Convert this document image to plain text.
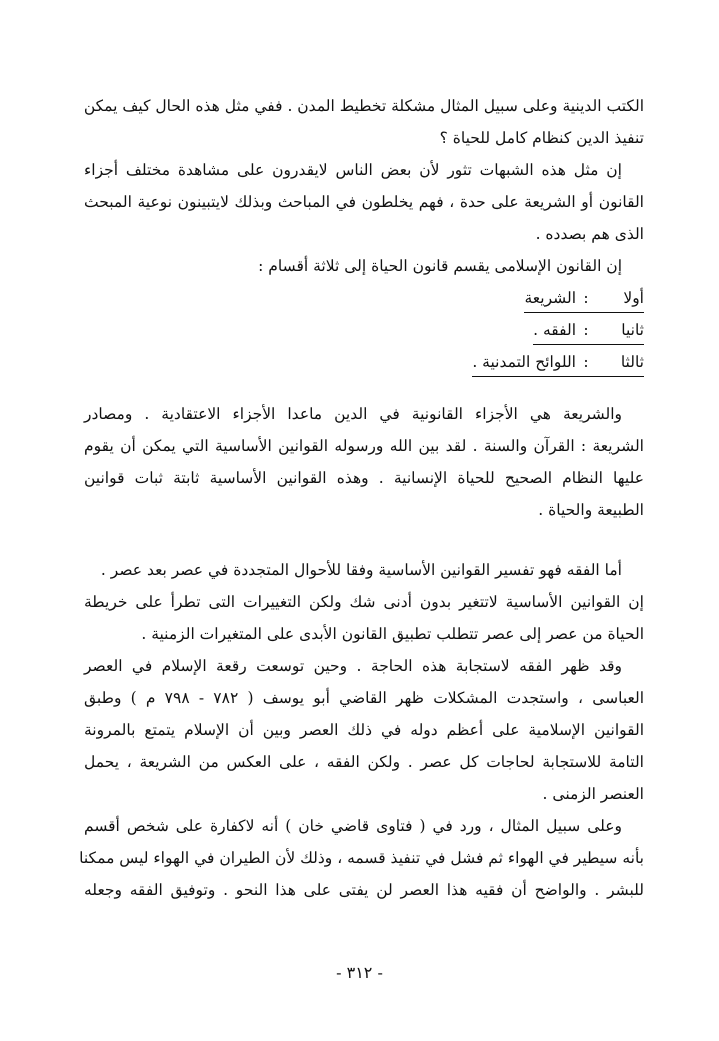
الكتب الدينية وعلى سبيل المثال مشكلة تخطيط المدن . ففي مثل هذه الحال كيف يمكن
تنفيذ الدين كنظام كامل للحياة ؟
إن مثل هذه الشبهات تثور لأن بعض الناس لايقدرون على مشاهدة مختلف أجزاء
القانون أو الشريعة على حدة ، فهم يخلطون في المباحث وبذلك لايتبينون نوعية المبحث
الذى هم بصدده .
إن القانون الإسلامى يقسم قانون الحياة إلى ثلاثة أقسام :
أولا:الشريعة
ثانيا:الفقه .
ثالثا:اللوائح التمدنية .
والشريعة هي الأجزاء القانونية في الدين ماعدا الأجزاء الاعتقادية . ومصادر
الشريعة : القرآن والسنة . لقد بين الله ورسوله القوانين الأساسية التي يمكن أن يقوم
عليها النظام الصحيح للحياة الإنسانية . وهذه القوانين الأساسية ثابتة ثبات قوانين
الطبيعة والحياة .
أما الفقه فهو تفسير القوانين الأساسية وفقا للأحوال المتجددة في عصر بعد عصر .
إن القوانين الأساسية لاتتغير بدون أدنى شك ولكن التغييرات التى تطرأ على خريطة
الحياة من عصر إلى عصر تتطلب تطبيق القانون الأبدى على المتغيرات الزمنية .
وقد ظهر الفقه لاستجابة هذه الحاجة . وحين توسعت رقعة الإسلام في العصر
العباسى ، واستجدت المشكلات ظهر القاضي أبو يوسف ( ٧٨٢ - ٧٩٨ م ) وطبق
القوانين الإسلامية على أعظم دوله في ذلك العصر وبين أن الإسلام يتمتع بالمرونة
التامة للاستجابة لحاجات كل عصر . ولكن الفقه ، على العكس من الشريعة ، يحمل
العنصر الزمنى .
وعلى سبيل المثال ، ورد في ( فتاوى قاضي خان ) أنه لاكفارة على شخص أقسم
بأنه سيطير في الهواء ثم فشل في تنفيذ قسمه ، وذلك لأن الطيران في الهواء ليس ممكنا
للبشر . والواضح أن فقيه هذا العصر لن يفتى على هذا النحو . وتوفيق الفقه وجعله
- ٣١٢ -
